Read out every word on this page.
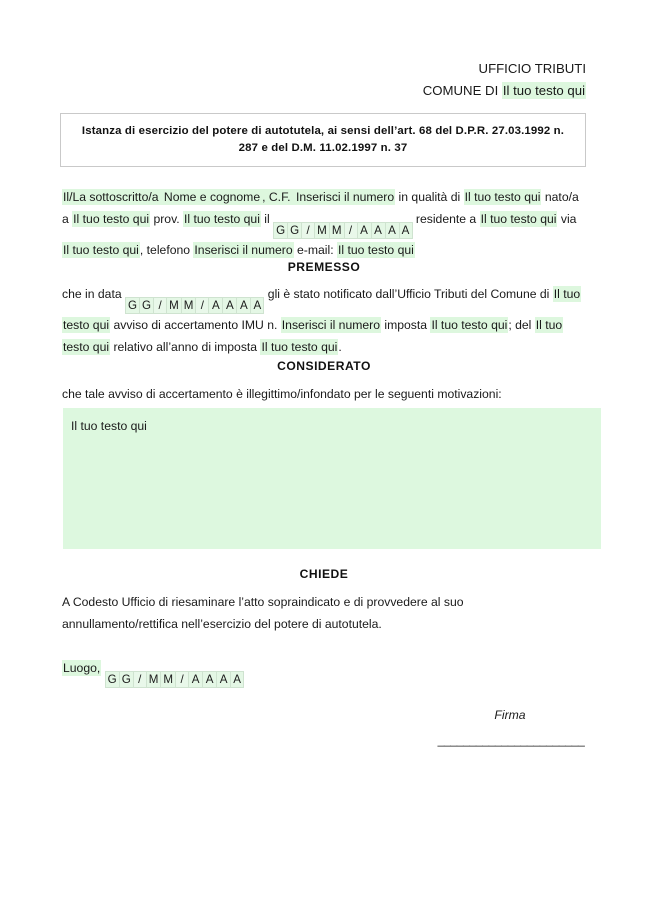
UFFICIO TRIBUTI
COMUNE DI Il tuo testo qui
Istanza di esercizio del potere di autotutela, ai sensi dell’art. 68 del D.P.R. 27.03.1992 n. 287 e del D.M. 11.02.1997 n. 37
Il/La sottoscritto/a Nome e cognome , C.F. Inserisci il numero in qualità di Il tuo testo qui nato/a a Il tuo testo qui prov. Il tuo testo qui il G G / M M / A A A A residente a Il tuo testo qui via Il tuo testo qui, telefono Inserisci il numero e-mail: Il tuo testo qui
PREMESSO
che in data G G / M M / A A A A gli è stato notificato dall’Ufficio Tributi del Comune di Il tuo testo qui avviso di accertamento IMU n. Inserisci il numero imposta Il tuo testo qui; del Il tuo testo qui relativo all’anno di imposta Il tuo testo qui.
CONSIDERATO
che tale avviso di accertamento è illegittimo/infondato per le seguenti motivazioni:
Il tuo testo qui
CHIEDE
A Codesto Ufficio di riesaminare l’atto sopraindicato e di provvedere al suo annullamento/rettifica nell’esercizio del potere di autotutela.
Luogo, G G / M M / A A A A
Firma
_______________________
